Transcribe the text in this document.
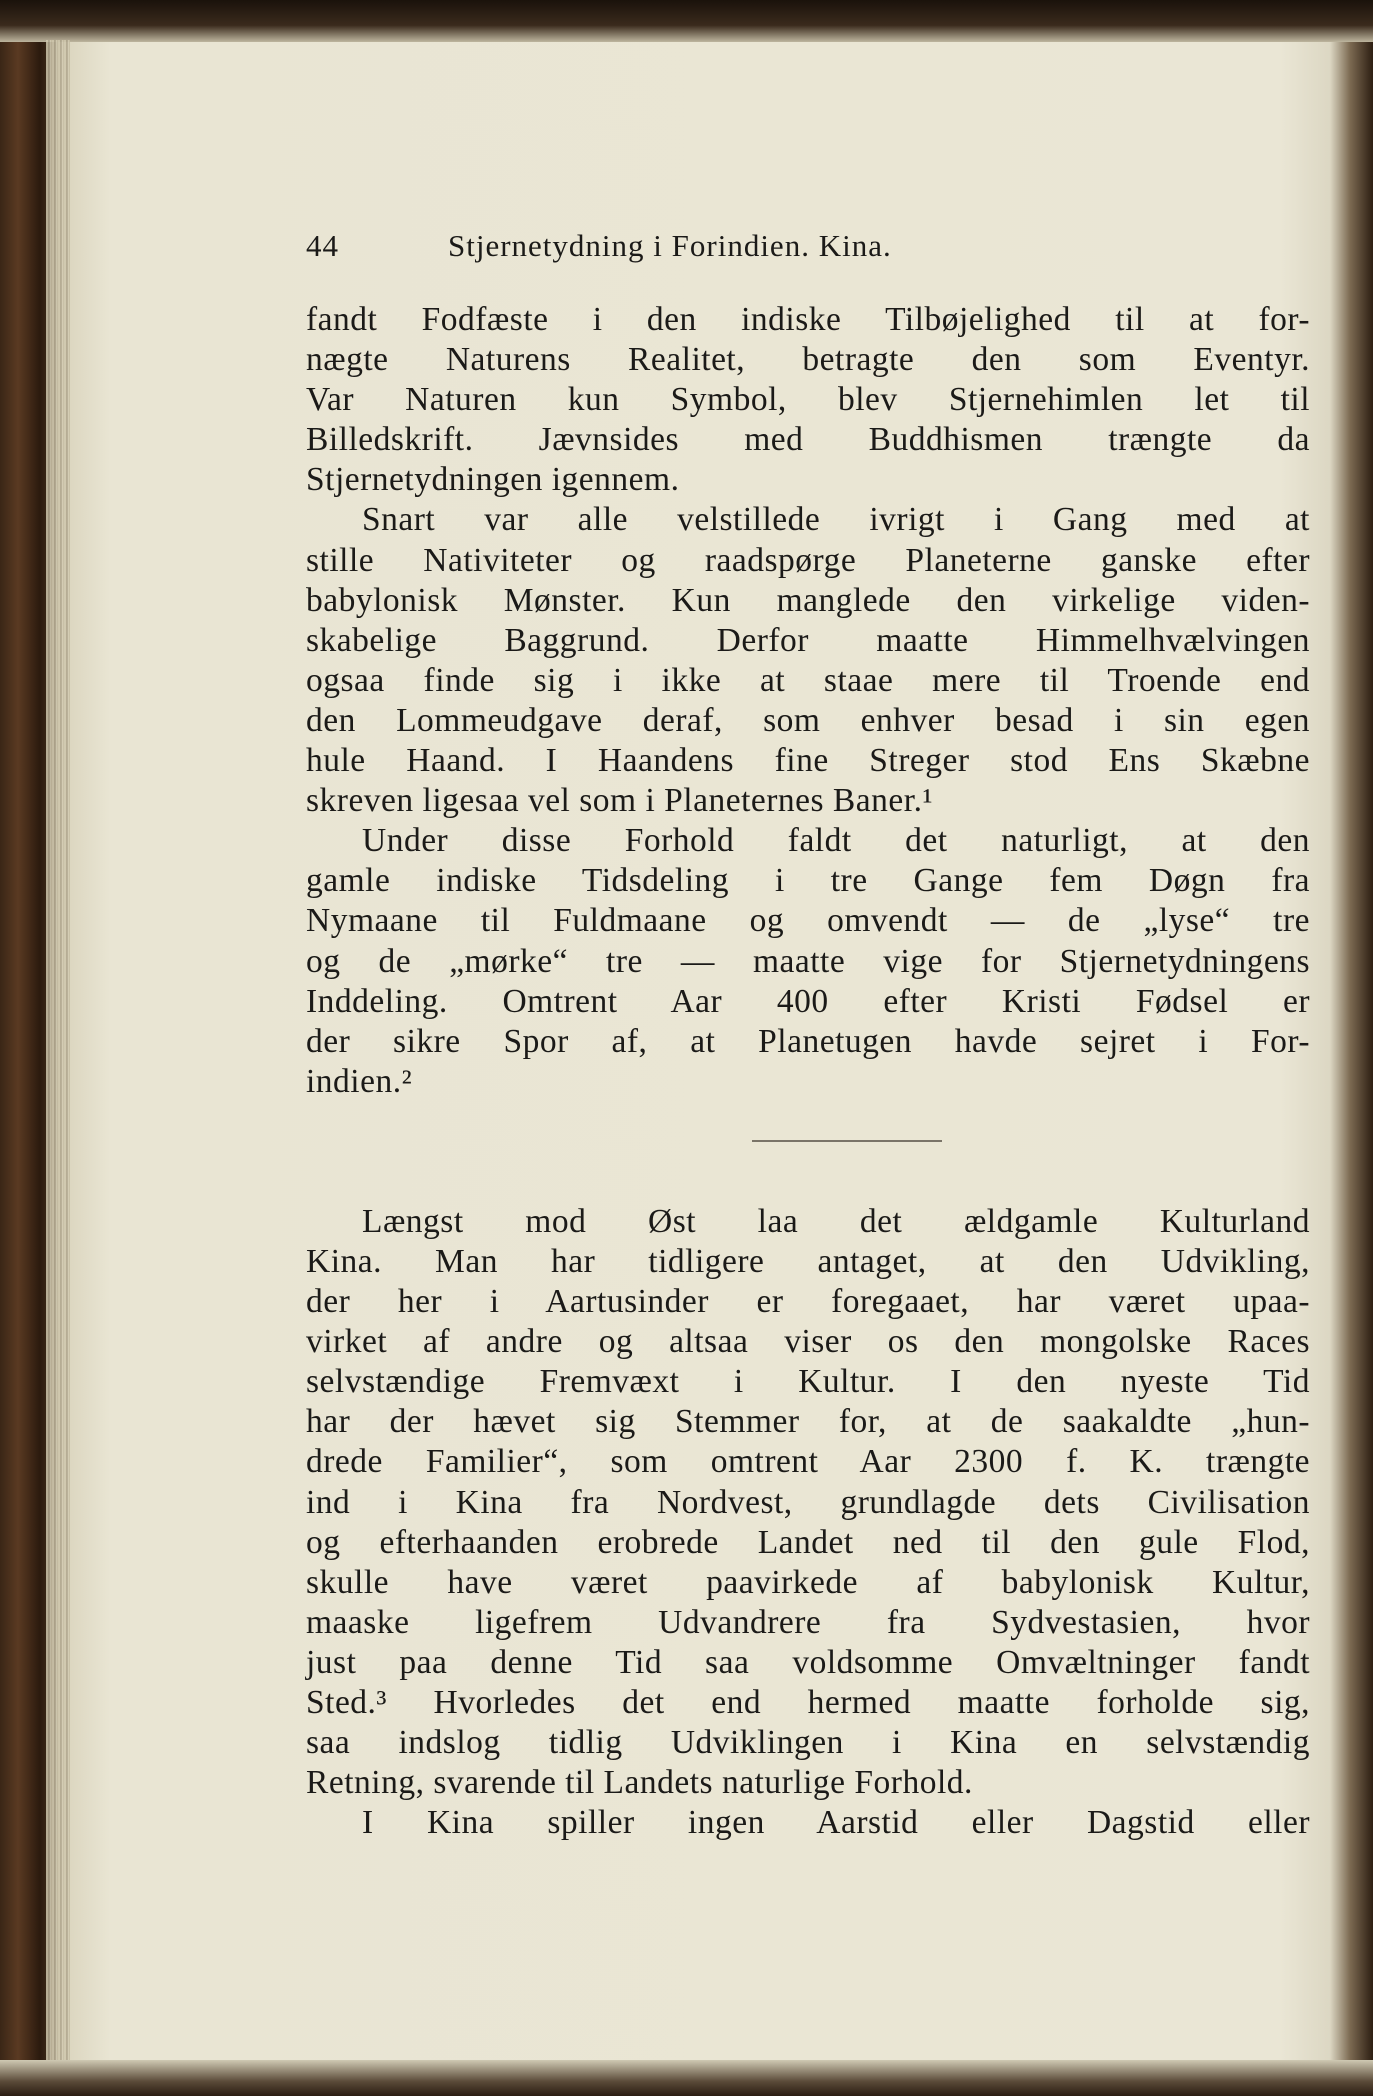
44	Stjernetydning i Forindien. Kina.
fandt Fodfæste i den indiske Tilbøjelighed til at for-
nægte Naturens Realitet, betragte den som Eventyr.
Var Naturen kun Symbol, blev Stjernehimlen let til
Billedskrift. Jævnsides med Buddhismen trængte da
Stjernetydningen igennem.
Snart var alle velstillede ivrigt i Gang med at
stille Nativiteter og raadspørge Planeterne ganske efter
babylonisk Mønster. Kun manglede den virkelige viden-
skabelige Baggrund. Derfor maatte Himmelhvælvingen
ogsaa finde sig i ikke at staae mere til Troende end
den Lommeudgave deraf, som enhver besad i sin egen
hule Haand. I Haandens fine Streger stod Ens Skæbne
skreven ligesaa vel som i Planeternes Baner.¹
Under disse Forhold faldt det naturligt, at den
gamle indiske Tidsdeling i tre Gange fem Døgn fra
Nymaane til Fuldmaane og omvendt — de „lyse“ tre
og de „mørke“ tre — maatte vige for Stjernetydningens
Inddeling. Omtrent Aar 400 efter Kristi Fødsel er
der sikre Spor af, at Planetugen havde sejret i For-
indien.²
Længst mod Øst laa det ældgamle Kulturland
Kina. Man har tidligere antaget, at den Udvikling,
der her i Aartusinder er foregaaet, har været upaa-
virket af andre og altsaa viser os den mongolske Races
selvstændige Fremvæxt i Kultur. I den nyeste Tid
har der hævet sig Stemmer for, at de saakaldte „hun-
drede Familier“, som omtrent Aar 2300 f. K. trængte
ind i Kina fra Nordvest, grundlagde dets Civilisation
og efterhaanden erobrede Landet ned til den gule Flod,
skulle have været paavirkede af babylonisk Kultur,
maaske ligefrem Udvandrere fra Sydvestasien, hvor
just paa denne Tid saa voldsomme Omvæltninger fandt
Sted.³ Hvorledes det end hermed maatte forholde sig,
saa indslog tidlig Udviklingen i Kina en selvstændig
Retning, svarende til Landets naturlige Forhold.
I Kina spiller ingen Aarstid eller Dagstid eller
